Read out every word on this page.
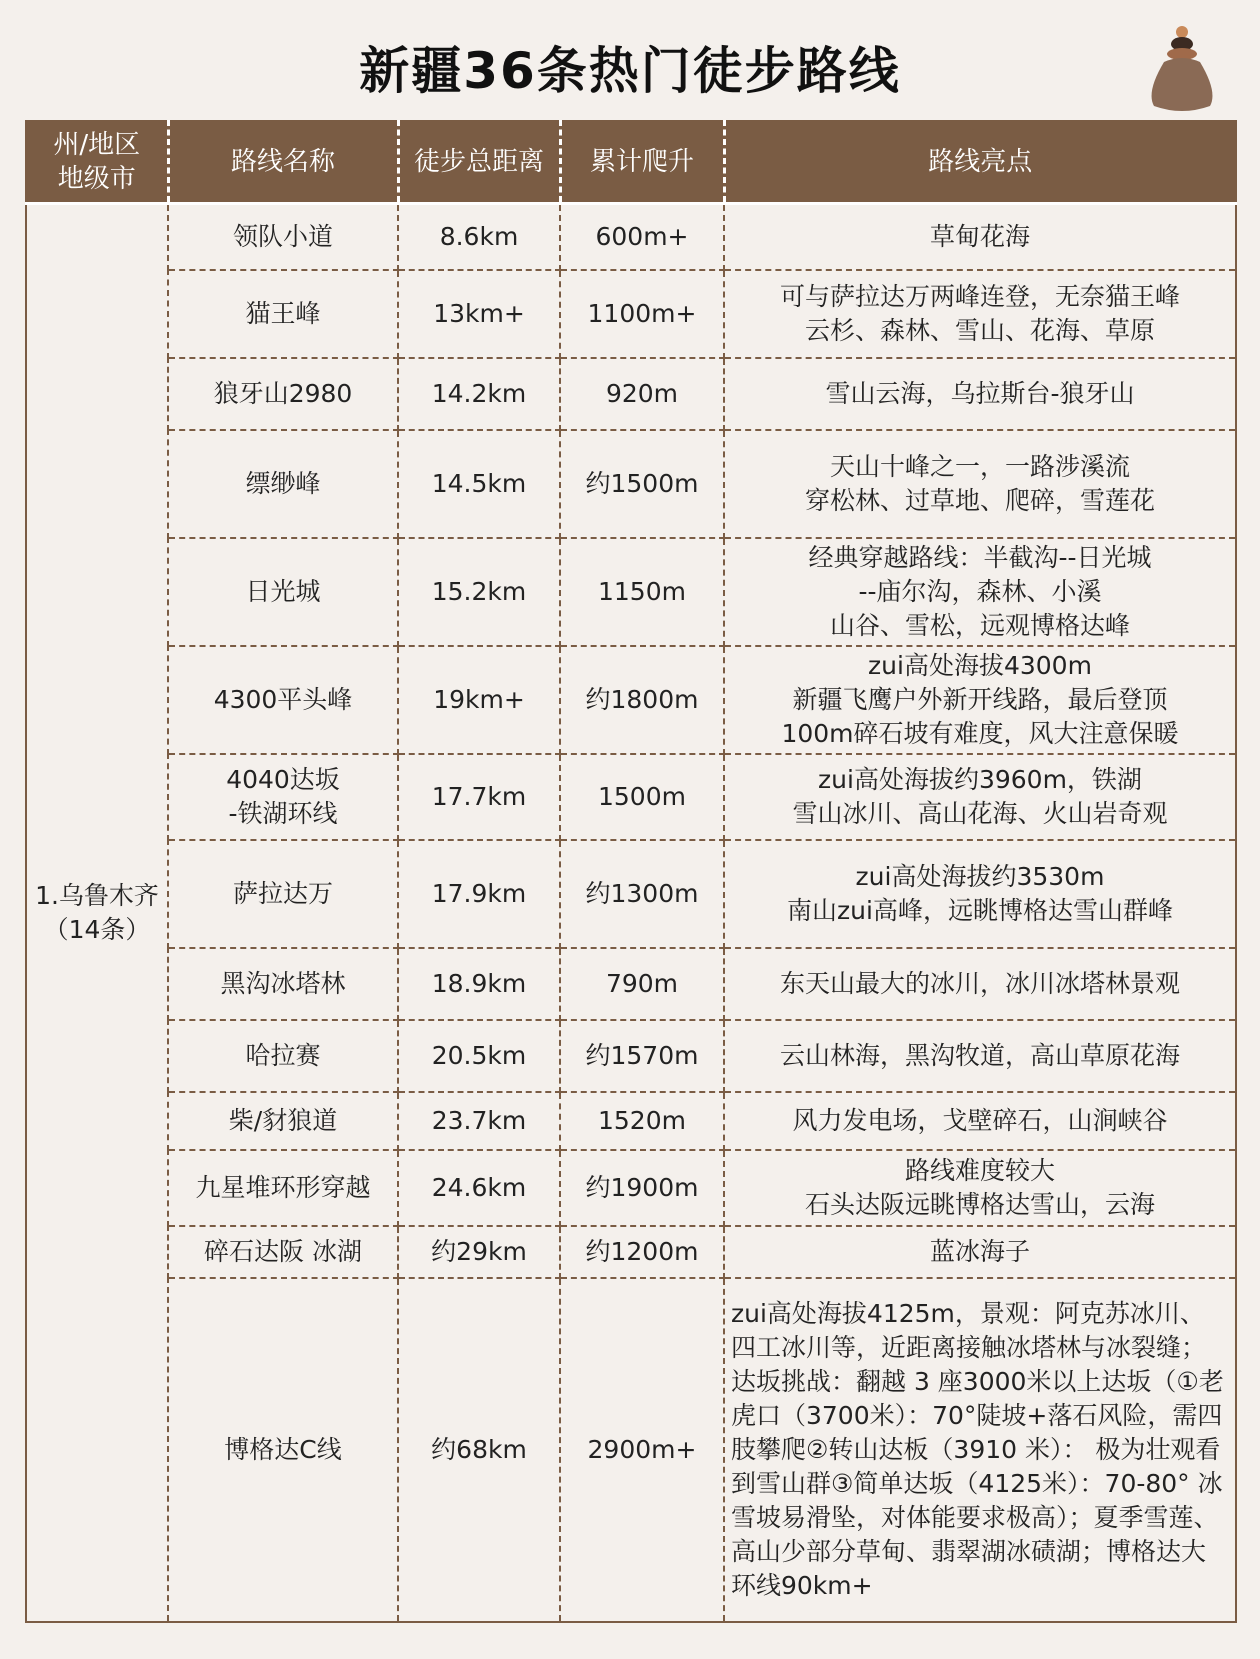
新疆36条热门徒步路线
州/地区
地级市	路线名称	徒步总距离	累计爬升	路线亮点
1.乌鲁木齐
（14条）	领队小道	8.6km	600m+	草甸花海
	猫王峰	13km+	1100m+	可与萨拉达万两峰连登，无奈猫王峰
云杉、森林、雪山、花海、草原
	狼牙山2980	14.2km	920m	雪山云海，乌拉斯台-狼牙山
	缥缈峰	14.5km	约1500m	天山十峰之一，一路涉溪流
穿松林、过草地、爬碎，雪莲花
	日光城	15.2km	1150m	经典穿越路线：半截沟--日光城
--庙尔沟，森林、小溪
山谷、雪松，远观博格达峰
	4300平头峰	19km+	约1800m	zui高处海拔4300m
新疆飞鹰户外新开线路，最后登顶
100m碎石坡有难度，风大注意保暖
	4040达坂
-铁湖环线	17.7km	1500m	zui高处海拔约3960m，铁湖
雪山冰川、高山花海、火山岩奇观
	萨拉达万	17.9km	约1300m	zui高处海拔约3530m
南山zui高峰，远眺博格达雪山群峰
	黑沟冰塔林	18.9km	790m	东天山最大的冰川，冰川冰塔林景观
	哈拉赛	20.5km	约1570m	云山林海，黑沟牧道，高山草原花海
	柴/豺狼道	23.7km	1520m	风力发电场，戈壁碎石，山涧峡谷
	九星堆环形穿越	24.6km	约1900m	路线难度较大
石头达阪远眺博格达雪山，云海
	碎石达阪 冰湖	约29km	约1200m	蓝冰海子
	博格达C线	约68km	2900m+	zui高处海拔4125m，景观：阿克苏冰川、四工冰川等，近距离接触冰塔林与冰裂缝；达坂挑战：翻越 3 座3000米以上达坂（①老虎口（3700米）：70°陡坡+落石风险，需四肢攀爬②转山达板（3910 米）： 极为壮观看到雪山群③简单达坂（4125米）：70-80° 冰雪坡易滑坠，对体能要求极高）；夏季雪莲、高山少部分草甸、翡翠湖冰碛湖；博格达大环线90km+
